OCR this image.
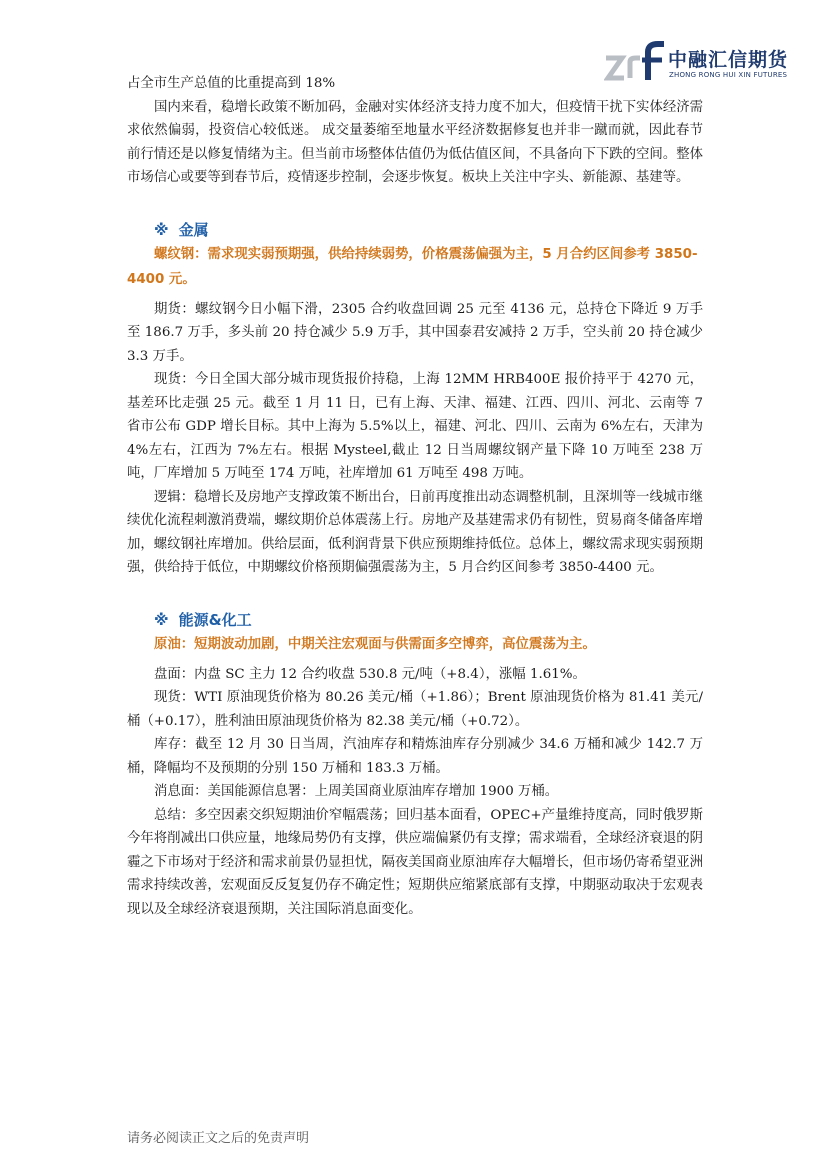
中融汇信期货
ZHONG RONG HUI XIN FUTURES

占全市生产总值的比重提高到 18%

国内来看，稳增长政策不断加码，金融对实体经济支持力度不加大，但疫情干扰下实体经济需求依然偏弱，投资信心较低迷。 成交量萎缩至地量水平经济数据修复也并非一蹴而就，因此春节前行情还是以修复情绪为主。但当前市场整体估值仍为低估值区间，不具备向下下跌的空间。整体市场信心或要等到春节后，疫情逐步控制，会逐步恢复。板块上关注中字头、新能源、基建等。

※ 金属
螺纹钢：需求现实弱预期强，供给持续弱势，价格震荡偏强为主，5 月合约区间参考 3850-4400 元。

期货：螺纹钢今日小幅下滑，2305 合约收盘回调 25 元至 4136 元，总持仓下降近 9 万手至 186.7 万手，多头前 20 持仓减少 5.9 万手，其中国泰君安减持 2 万手，空头前 20 持仓减少 3.3 万手。

现货：今日全国大部分城市现货报价持稳，上海 12MM HRB400E 报价持平于 4270 元，基差环比走强 25 元。截至 1 月 11 日，已有上海、天津、福建、江西、四川、河北、云南等 7 省市公布 GDP 增长目标。其中上海为 5.5%以上，福建、河北、四川、云南为 6%左右，天津为 4%左右，江西为 7%左右。根据 Mysteel,截止 12 日当周螺纹钢产量下降 10 万吨至 238 万吨，厂库增加 5 万吨至 174 万吨，社库增加 61 万吨至 498 万吨。

逻辑：稳增长及房地产支撑政策不断出台，日前再度推出动态调整机制，且深圳等一线城市继续优化流程刺激消费端，螺纹期价总体震荡上行。房地产及基建需求仍有韧性，贸易商冬储备库增加，螺纹钢社库增加。供给层面，低利润背景下供应预期维持低位。总体上，螺纹需求现实弱预期强，供给持于低位，中期螺纹价格预期偏强震荡为主，5 月合约区间参考 3850-4400 元。

※ 能源&化工
原油：短期波动加剧，中期关注宏观面与供需面多空博弈，高位震荡为主。

盘面：内盘 SC 主力 12 合约收盘 530.8 元/吨（+8.4），涨幅 1.61%。

现货：WTI 原油现货价格为 80.26 美元/桶（+1.86）；Brent 原油现货价格为 81.41 美元/桶（+0.17），胜利油田原油现货价格为 82.38 美元/桶（+0.72）。

库存：截至 12 月 30 日当周，汽油库存和精炼油库存分别减少 34.6 万桶和减少 142.7 万桶，降幅均不及预期的分别 150 万桶和 183.3 万桶。

消息面：美国能源信息署：上周美国商业原油库存增加 1900 万桶。

总结：多空因素交织短期油价窄幅震荡；回归基本面看，OPEC+产量维持度高，同时俄罗斯今年将削减出口供应量，地缘局势仍有支撑，供应端偏紧仍有支撑；需求端看，全球经济衰退的阴霾之下市场对于经济和需求前景仍显担忧，隔夜美国商业原油库存大幅增长，但市场仍寄希望亚洲需求持续改善，宏观面反反复复仍存不确定性；短期供应缩紧底部有支撑，中期驱动取决于宏观表现以及全球经济衰退预期，关注国际消息面变化。

请务必阅读正文之后的免责声明
